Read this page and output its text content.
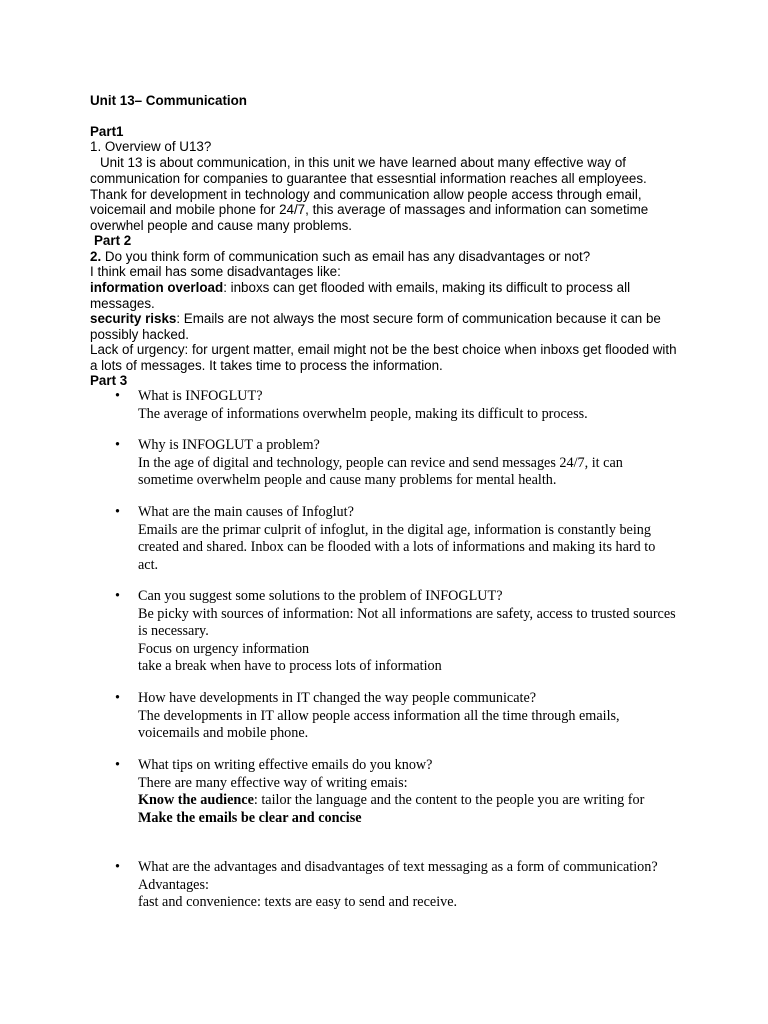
Unit 13– Communication
Part1
1. Overview of U13?
Unit 13 is about communication, in this unit we have learned about many effective way of communication for companies to guarantee that essesntial information reaches all employees. Thank for development in technology and communication allow people access through email, voicemail and mobile phone for 24/7, this average of massages and information can sometime overwhel people and cause many problems.
Part 2
2. Do you think form of communication such as email has any disadvantages or not?
I think email has some disadvantages like:
information overload: inboxs can get flooded with emails, making its difficult to process all messages.
security risks: Emails are not always the most secure form of communication because it can be possibly hacked.
Lack of urgency: for urgent matter, email might not be the best choice when inboxs get flooded with a lots of messages. It takes time to process the information.
Part 3
• What is INFOGLUT?
The average of informations overwhelm people, making its difficult to process.
• Why is INFOGLUT a problem?
In the age of digital and technology, people can revice and send messages 24/7, it can sometime overwhelm people and cause many problems for mental health.
• What are the main causes of Infoglut?
Emails are the primar culprit of infoglut, in the digital age, information is constantly being created and shared. Inbox can be flooded with a lots of informations and making its hard to act.
• Can you suggest some solutions to the problem of INFOGLUT?
Be picky with sources of information: Not all informations are safety, access to trusted sources is necessary.
Focus on urgency information
take a break when have to process lots of information
• How have developments in IT changed the way people communicate?
The developments in IT allow people access information all the time through emails, voicemails and mobile phone.
• What tips on writing effective emails do you know?
There are many effective way of writing emais:
Know the audience: tailor the language and the content to the people you are writing for
Make the emails be clear and concise
• What are the advantages and disadvantages of text messaging as a form of communication?
Advantages:
fast and convenience: texts are easy to send and receive.
